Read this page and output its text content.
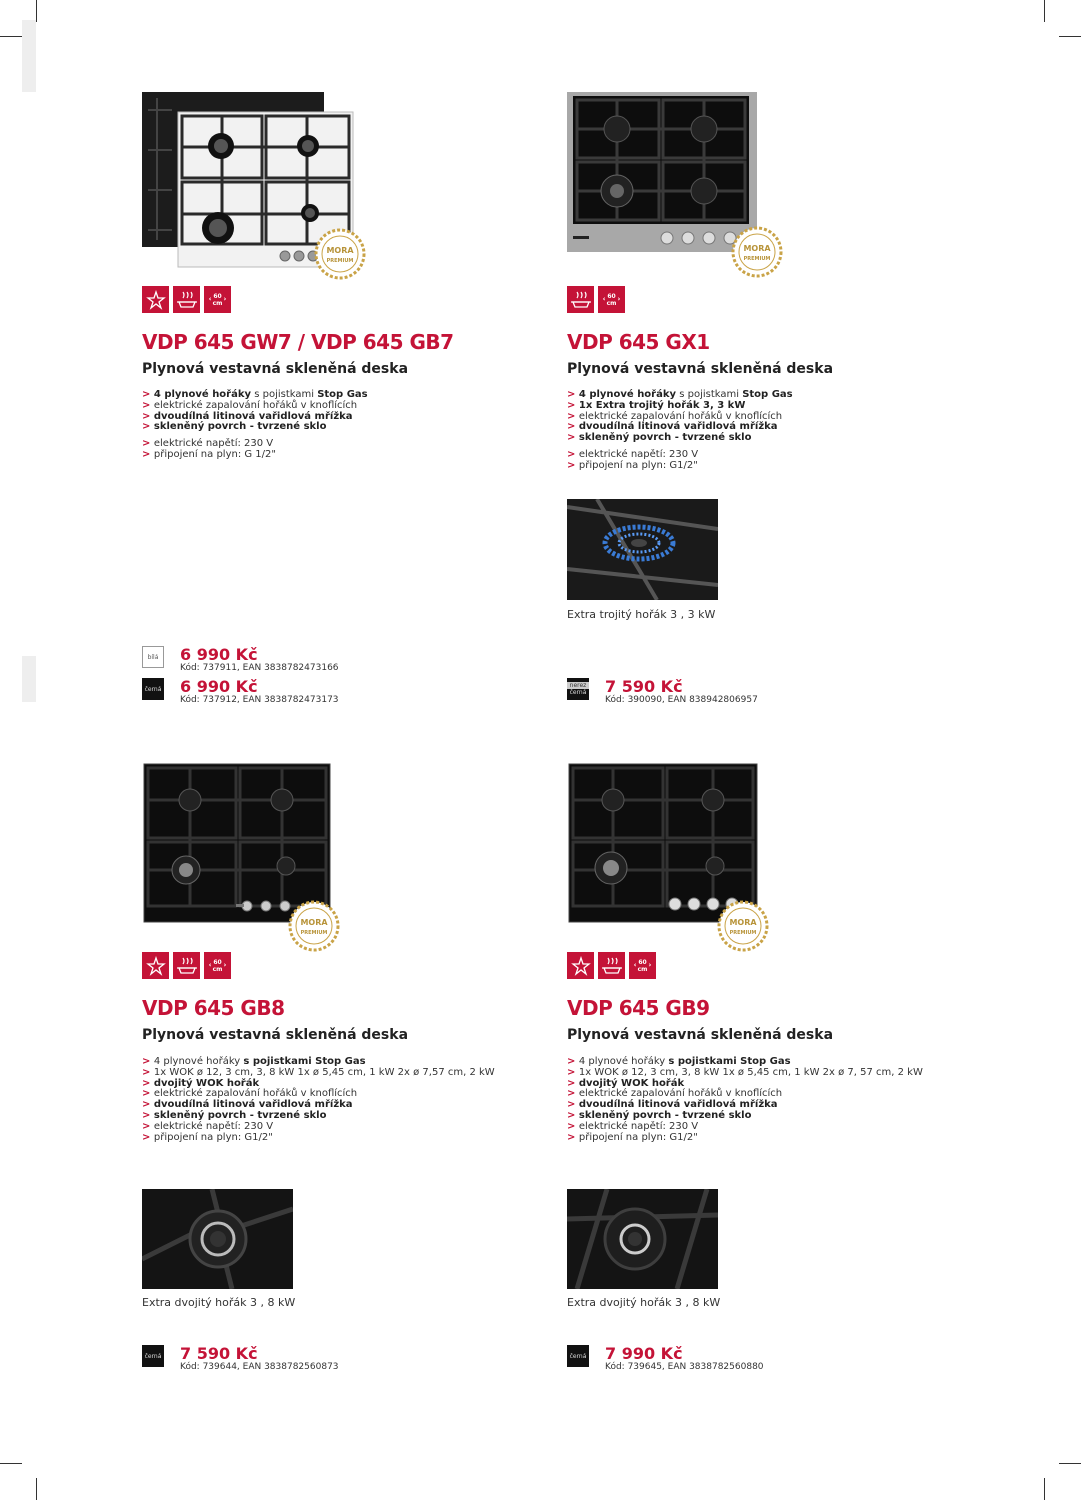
MORA
PREMIUM
‹ 60 cm ›
VDP 645 GW7 / VDP 645 GB7
Plynová vestavná skleněná deska
> 4 plynové hořáky s pojistkami Stop Gas
> elektrické zapalování hořáků v knoflících
> dvoudílná litinová vařidlová mřížka
> skleněný povrch - tvrzené sklo
> elektrické napětí: 230 V
> připojení na plyn: G 1/2"
bílá 6 990 Kč
Kód: 737911, EAN 3838782473166
černá 6 990 Kč
Kód: 737912, EAN 3838782473173
MORA
PREMIUM
‹ 60 cm ›
VDP 645 GX1
Plynová vestavná skleněná deska
> 4 plynové hořáky s pojistkami Stop Gas
> 1x Extra trojitý hořák 3, 3 kW
> elektrické zapalování hořáků v knoflících
> dvoudílná litinová vařidlová mřížka
> skleněný povrch - tvrzené sklo
> elektrické napětí: 230 V
> připojení na plyn: G1/2"
Extra trojitý hořák 3 , 3 kW
nerez
černá 7 590 Kč
Kód: 390090, EAN 838942806957
MORA
PREMIUM
‹ 60 cm ›
VDP 645 GB8
Plynová vestavná skleněná deska
> 4 plynové hořáky s pojistkami Stop Gas
> 1x WOK ø 12, 3 cm, 3, 8 kW 1x ø 5,45 cm, 1 kW 2x ø 7,57 cm, 2 kW
> dvojitý WOK hořák
> elektrické zapalování hořáků v knoflících
> dvoudílná litinová vařidlová mřížka
> skleněný povrch - tvrzené sklo
> elektrické napětí: 230 V
> připojení na plyn: G1/2"
Extra dvojitý hořák 3 , 8 kW
černá 7 590 Kč
Kód: 739644, EAN 3838782560873
MORA
PREMIUM
‹ 60 cm ›
VDP 645 GB9
Plynová vestavná skleněná deska
> 4 plynové hořáky s pojistkami Stop Gas
> 1x WOK ø 12, 3 cm, 3, 8 kW 1x ø 5,45 cm, 1 kW 2x ø 7, 57 cm, 2 kW
> dvojitý WOK hořák
> elektrické zapalování hořáků v knoflících
> dvoudílná litinová vařidlová mřížka
> skleněný povrch - tvrzené sklo
> elektrické napětí: 230 V
> připojení na plyn: G1/2"
Extra dvojitý hořák 3 , 8 kW
černá 7 990 Kč
Kód: 739645, EAN 3838782560880
